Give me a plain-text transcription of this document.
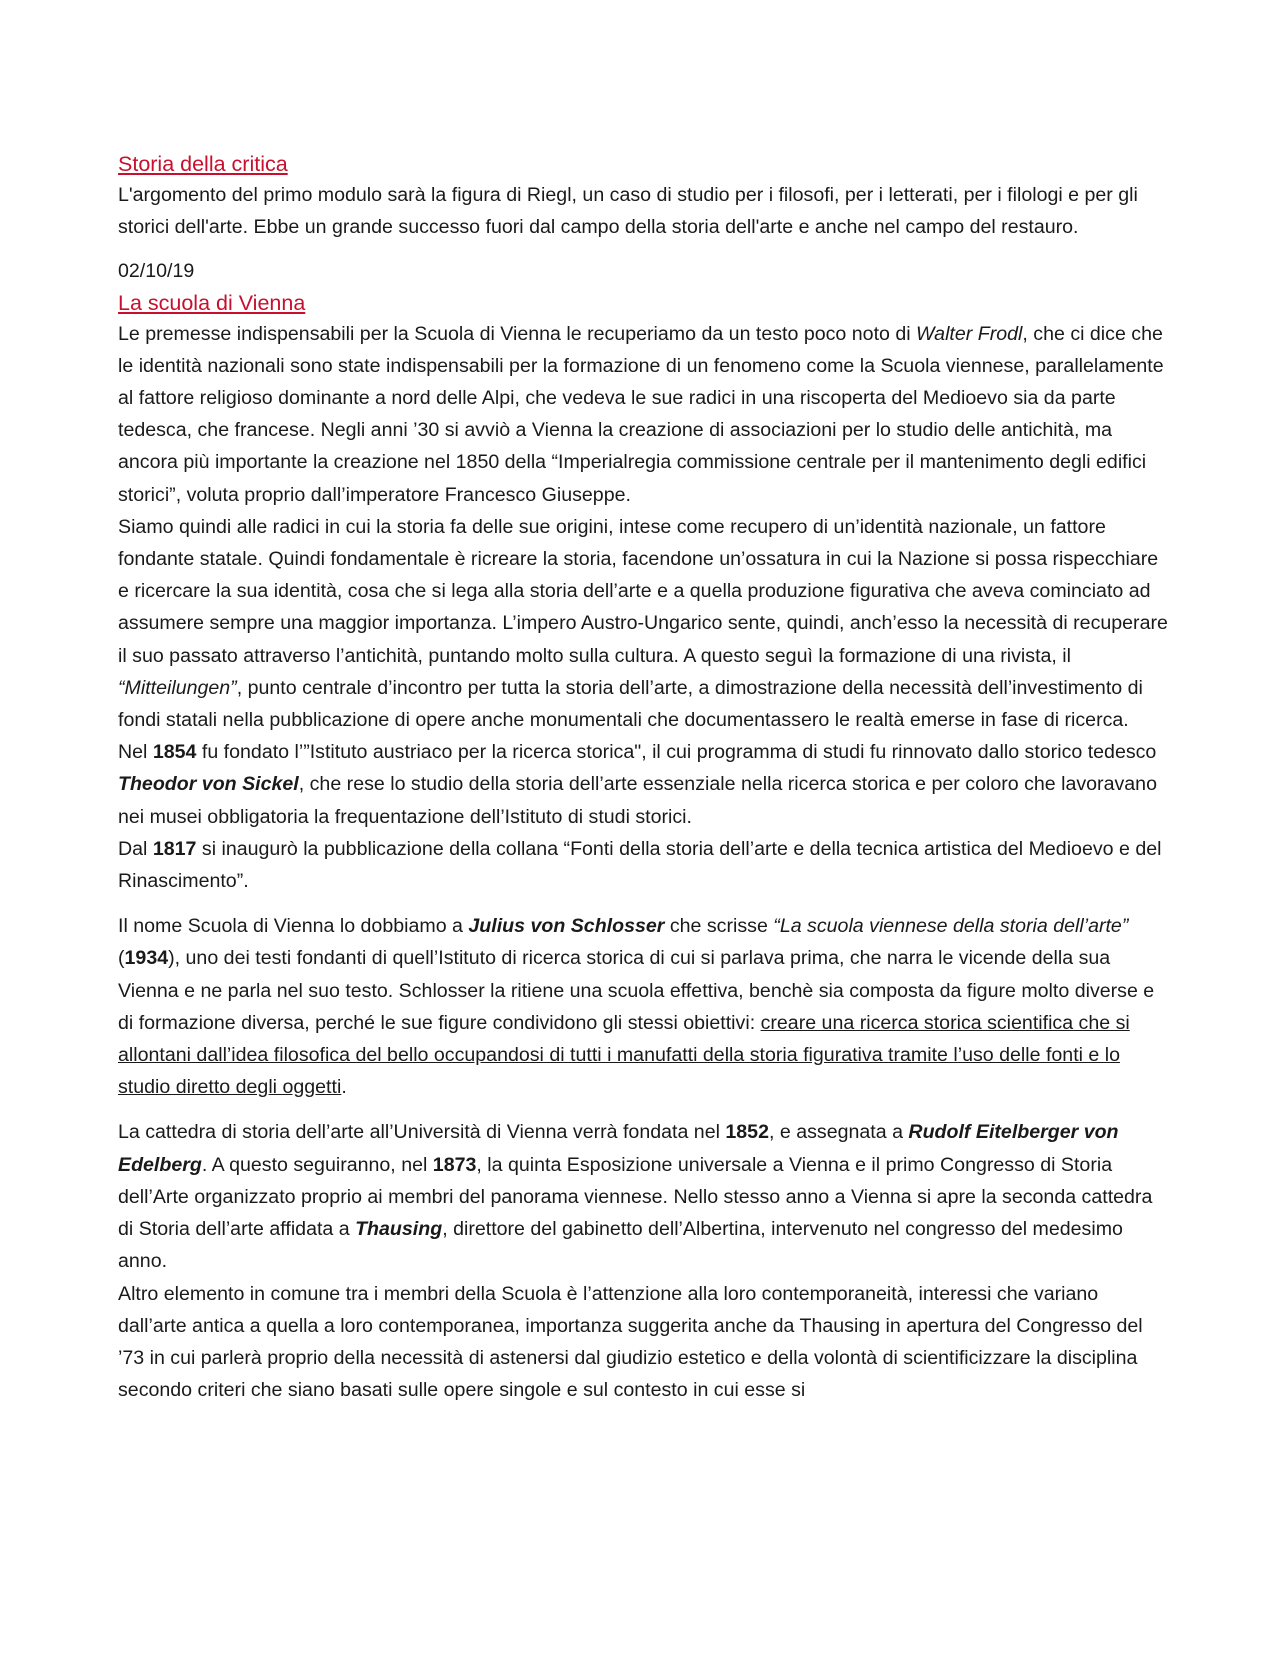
Storia della critica

L'argomento del primo modulo sarà la figura di Riegl, un caso di studio per i filosofi, per i letterati, per i filologi e per gli storici dell'arte. Ebbe un grande successo fuori dal campo della storia dell'arte e anche nel campo del restauro.

02/10/19

La scuola di Vienna

Le premesse indispensabili per la Scuola di Vienna le recuperiamo da un testo poco noto di Walter Frodl, che ci dice che le identità nazionali sono state indispensabili per la formazione di un fenomeno come la Scuola viennese, parallelamente al fattore religioso dominante a nord delle Alpi, che vedeva le sue radici in una riscoperta del Medioevo sia da parte tedesca, che francese. Negli anni ’30 si avviò a Vienna la creazione di associazioni per lo studio delle antichità, ma ancora più importante la creazione nel 1850 della “Imperialregia commissione centrale per il mantenimento degli edifici storici”, voluta proprio dall’imperatore Francesco Giuseppe.

Siamo quindi alle radici in cui la storia fa delle sue origini, intese come recupero di un’identità nazionale, un fattore fondante statale. Quindi fondamentale è ricreare la storia, facendone un’ossatura in cui la Nazione si possa rispecchiare e ricercare la sua identità, cosa che si lega alla storia dell’arte e a quella produzione figurativa che aveva cominciato ad assumere sempre una maggior importanza. L’impero Austro-Ungarico sente, quindi, anch’esso la necessità di recuperare il suo passato attraverso l’antichità, puntando molto sulla cultura. A questo seguì la formazione di una rivista, il “Mitteilungen”, punto centrale d’incontro per tutta la storia dell’arte, a dimostrazione della necessità dell’investimento di fondi statali nella pubblicazione di opere anche monumentali che documentassero le realtà emerse in fase di ricerca.

Nel 1854 fu fondato l’”Istituto austriaco per la ricerca storica", il cui programma di studi fu rinnovato dallo storico tedesco Theodor von Sickel, che rese lo studio della storia dell’arte essenziale nella ricerca storica e per coloro che lavoravano nei musei obbligatoria la frequentazione dell’Istituto di studi storici.

Dal 1817 si inaugurò la pubblicazione della collana “Fonti della storia dell’arte e della tecnica artistica del Medioevo e del Rinascimento”.

Il nome Scuola di Vienna lo dobbiamo a Julius von Schlosser che scrisse “La scuola viennese della storia dell’arte” (1934), uno dei testi fondanti di quell’Istituto di ricerca storica di cui si parlava prima, che narra le vicende della sua Vienna e ne parla nel suo testo. Schlosser la ritiene una scuola effettiva, benchè sia composta da figure molto diverse e di formazione diversa, perché le sue figure condividono gli stessi obiettivi: creare una ricerca storica scientifica che si allontani dall’idea filosofica del bello occupandosi di tutti i manufatti della storia figurativa tramite l’uso delle fonti e lo studio diretto degli oggetti.

La cattedra di storia dell’arte all’Università di Vienna verrà fondata nel 1852, e assegnata a Rudolf Eitelberger von Edelberg. A questo seguiranno, nel 1873, la quinta Esposizione universale a Vienna e il primo Congresso di Storia dell’Arte organizzato proprio ai membri del panorama viennese. Nello stesso anno a Vienna si apre la seconda cattedra di Storia dell’arte affidata a Thausing, direttore del gabinetto dell’Albertina, intervenuto nel congresso del medesimo anno.

Altro elemento in comune tra i membri della Scuola è l’attenzione alla loro contemporaneità, interessi che variano dall’arte antica a quella a loro contemporanea, importanza suggerita anche da Thausing in apertura del Congresso del ’73 in cui parlerà proprio della necessità di astenersi dal giudizio estetico e della volontà di scientificizzare la disciplina secondo criteri che siano basati sulle opere singole e sul contesto in cui esse si
